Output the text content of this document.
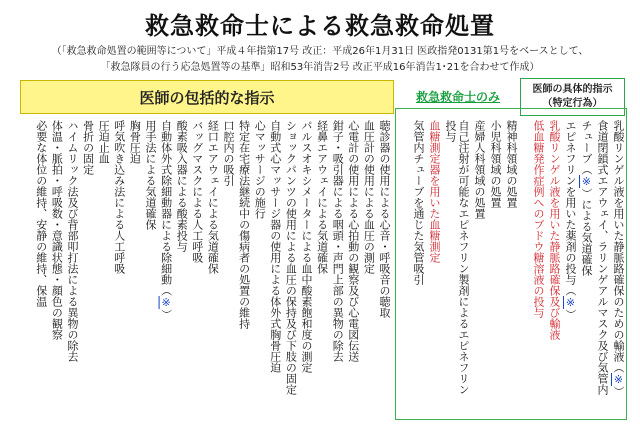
救急救命士による救急救命処置
（「救急救命処置の範囲等について」平成４年指第17号 改正：平成26年1月31日 医政指発0131第1号をベースとして、
「救急隊員の行う応急処置等の基準」昭和53年消告2号 改正平成16年消告1･21を合わせて作成）
医師の包括的な指示	救急救命士のみ
医師の具体的指示
（特定行為）
乳酸リンゲル液を用いた静脈路確保のための輸液（※）
食道閉鎖式エアウェイ、ラリンゲアルマスク及び気管内
チューブ（※）による気道確保
エピネフリンを用いた薬剤の投与（※）
乳酸リンゲル液を用いた静脈路確保及び輸液
低血糖発作症例へのブドウ糖溶液の投与
精神科領域の処置
小児科領域の処置
産婦人科領域の処置
自己注射が可能なエピネフリン製剤によるエピネフリン
投与
血糖測定器を用いた血糖測定
気管内チューブを通じた気管吸引
聴診器の使用による心音・呼吸音の聴取
血圧計の使用による血圧の測定
心電計の使用による心拍動の観察及び心電図伝送
鉗子・吸引器による咽頭・声門上部の異物の除去
経鼻エアウェイによる気道確保
パルスオキシメーターによる血中酸素飽和度の測定
ショックパンツの使用による血圧の保持及び下肢の固定
自動式心マッサージ器の使用による体外式胸骨圧迫
心マッサージの施行
特定在宅療法継続中の傷病者の処置の維持
口腔内の吸引
経口エアウェイによる気道確保
バッグマスクによる人工呼吸
酸素吸入器による酸素投与
自動体外式除細動器による除細動（※）
用手法による気道確保
胸骨圧迫
呼気吹き込み法による人工呼吸
圧迫止血
骨折の固定
ハイムリック法及び背部叩打法による異物の除去
体温・脈拍・呼吸数・意識状態・顔色の観察
必要な体位の維持、安静の維持、保温
